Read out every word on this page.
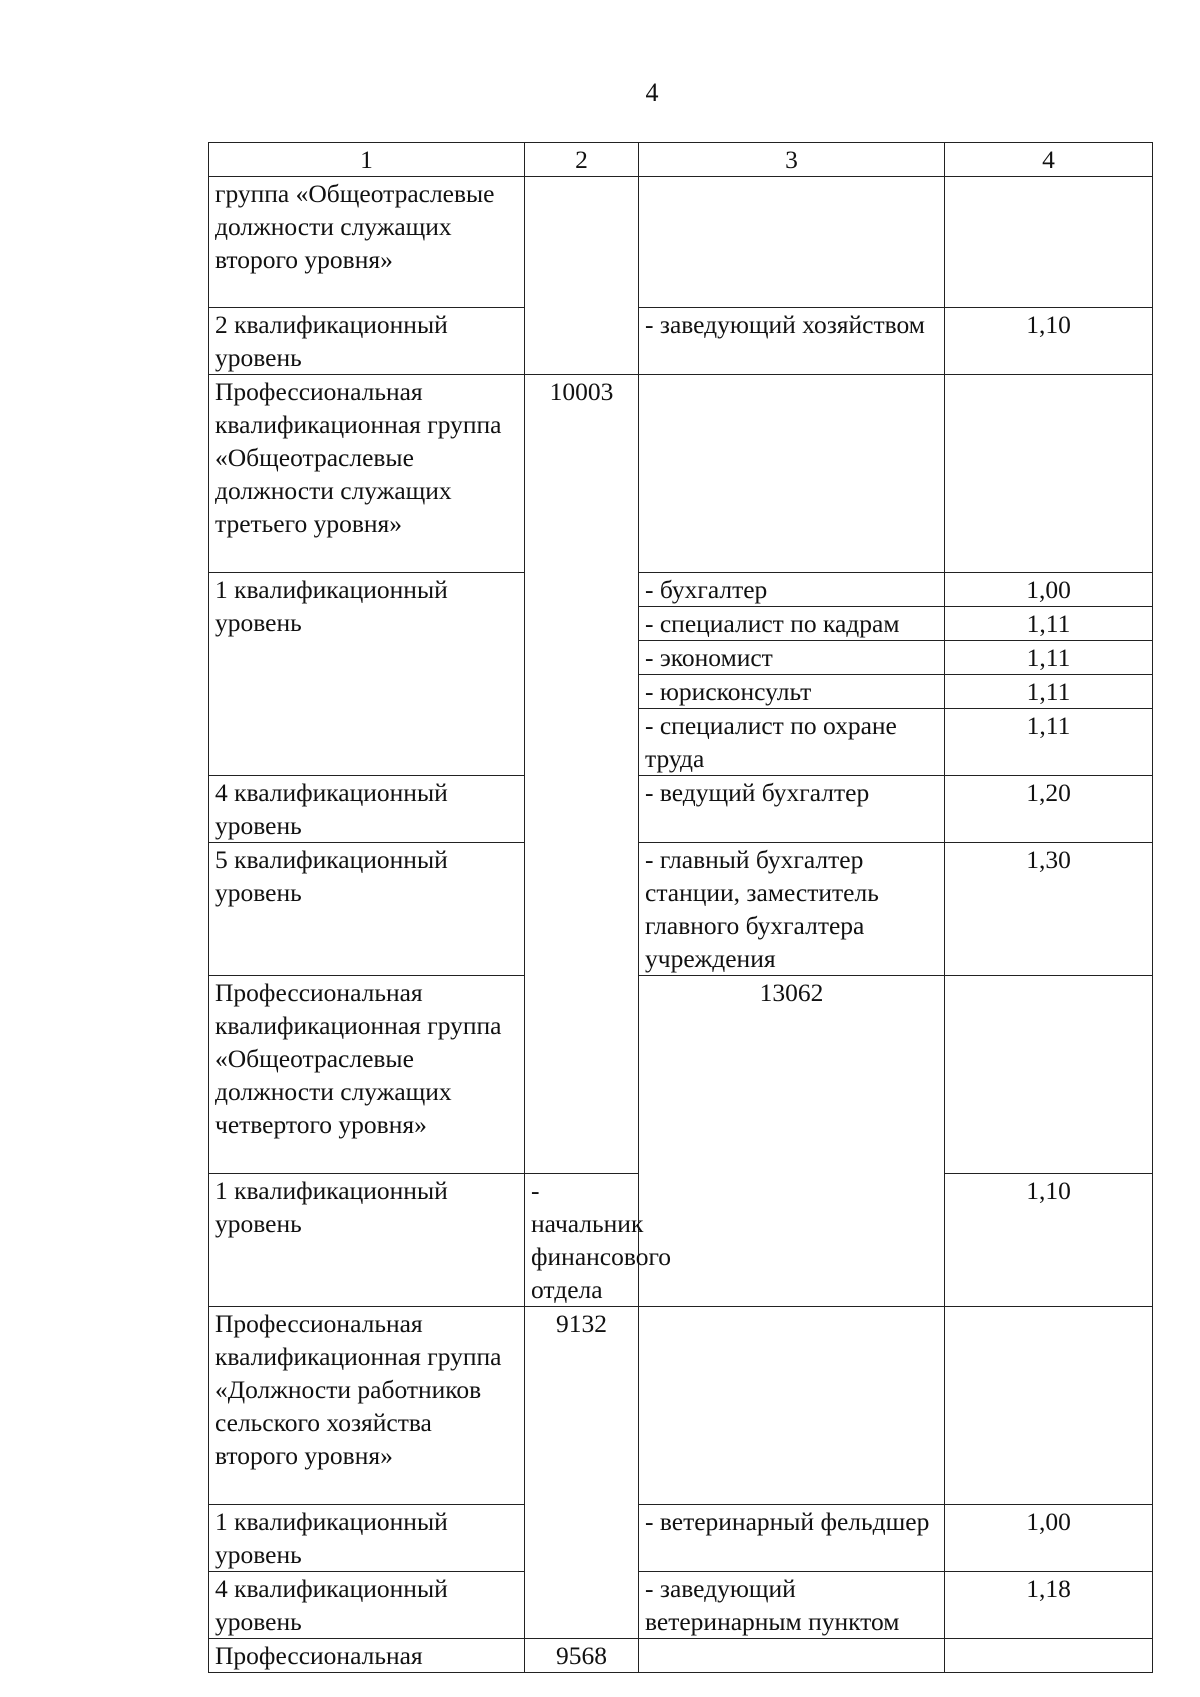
4
1	2	3	4	
группа «Общеотраслевые должности служащих второго уровня»				
2 квалификационный уровень		- заведующий хозяйством	1,10	
Профессиональная квалификационная группа «Общеотраслевые должности служащих третьего уровня»	10003			
1 квалификационный уровень		- бухгалтер	1,00	
		- специалист по кадрам	1,11	
		- экономист	1,11	
		- юрисконсульт	1,11	
		- специалист по охране труда	1,11	
4 квалификационный уровень		- ведущий бухгалтер	1,20	
5 квалификационный уровень		- главный бухгалтер станции, заместитель главного бухгалтера учреждения	1,30	
Профессиональная квалификационная группа «Общеотраслевые должности служащих четвертого уровня»		13062		
1 квалификационный уровень	- начальник финансового отдела		1,10	
Профессиональная квалификационная группа «Должности работников сельского хозяйства второго уровня»	9132			
1 квалификационный уровень		- ветеринарный фельдшер	1,00	
4 квалификационный уровень		- заведующий ветеринарным пунктом	1,18	
Профессиональная	9568			
